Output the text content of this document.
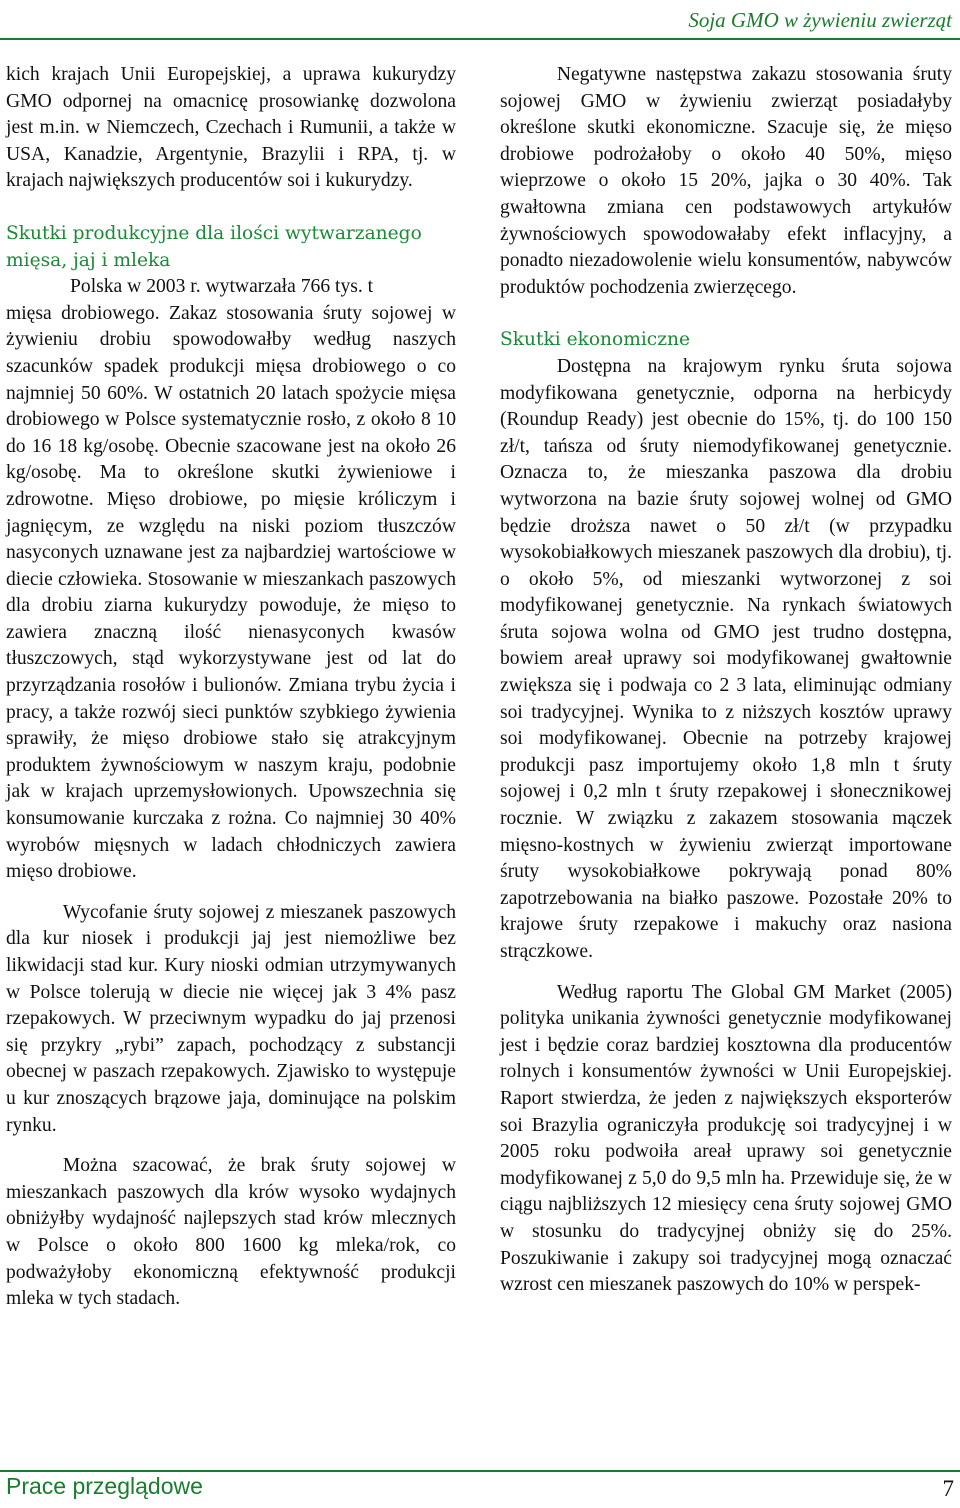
Soja GMO w żywieniu zwierząt

kich krajach Unii Europejskiej, a uprawa kukurydzy GMO odpornej na omacnicę prosowiankę dozwolona jest m.in. w Niemczech, Czechach i Rumunii, a także w USA, Kanadzie, Argentynie, Brazylii i RPA, tj. w krajach największych producentów soi i kukurydzy.

Skutki produkcyjne dla ilości wytwarzanego mięsa, jaj i mleka

Polska w 2003 r. wytwarzała 766 tys. t

mięsa drobiowego. Zakaz stosowania śruty sojowej w żywieniu drobiu spowodowałby według naszych szacunków spadek produkcji mięsa drobiowego o co najmniej 50 60%. W ostatnich 20 latach spożycie mięsa drobiowego w Polsce systematycznie rosło, z około 8 10 do 16 18 kg/osobę. Obecnie szacowane jest na około 26 kg/osobę. Ma to określone skutki żywieniowe i zdrowotne. Mięso drobiowe, po mięsie króliczym i jagnięcym, ze względu na niski poziom tłuszczów nasyconych uznawane jest za najbardziej wartościowe w diecie człowieka. Stosowanie w mieszankach paszowych dla drobiu ziarna kukurydzy powoduje, że mięso to zawiera znaczną ilość nienasyconych kwasów tłuszczowych, stąd wykorzystywane jest od lat do przyrządzania rosołów i bulionów. Zmiana trybu życia i pracy, a także rozwój sieci punktów szybkiego żywienia sprawiły, że mięso drobiowe stało się atrakcyjnym produktem żywnościowym w naszym kraju, podobnie jak w krajach uprzemysłowionych. Upowszechnia się konsumowanie kurczaka z rożna. Co najmniej 30 40% wyrobów mięsnych w ladach chłodniczych zawiera mięso drobiowe.

Wycofanie śruty sojowej z mieszanek paszowych dla kur niosek i produkcji jaj jest niemożliwe bez likwidacji stad kur. Kury nioski odmian utrzymywanych w Polsce tolerują w diecie nie więcej jak 3 4% pasz rzepakowych. W przeciwnym wypadku do jaj przenosi się przykry „rybi” zapach, pochodzący z substancji obecnej w paszach rzepakowych. Zjawisko to występuje u kur znoszących brązowe jaja, dominujące na polskim rynku.

Można szacować, że brak śruty sojowej w mieszankach paszowych dla krów wysoko wydajnych obniżyłby wydajność najlepszych stad krów mlecznych w Polsce o około 800 1600 kg mleka/rok, co podważyłoby ekonomiczną efektywność produkcji mleka w tych stadach.

Negatywne następstwa zakazu stosowania śruty sojowej GMO w żywieniu zwierząt posiadałyby określone skutki ekonomiczne. Szacuje się, że mięso drobiowe podrożałoby o około 40 50%, mięso wieprzowe o około 15 20%, jajka o 30 40%. Tak gwałtowna zmiana cen podstawowych artykułów żywnościowych spowodowałaby efekt inflacyjny, a ponadto niezadowolenie wielu konsumentów, nabywców produktów pochodzenia zwierzęcego.

Skutki ekonomiczne

Dostępna na krajowym rynku śruta sojowa modyfikowana genetycznie, odporna na herbicydy (Roundup Ready) jest obecnie do 15%, tj. do 100 150 zł/t, tańsza od śruty niemodyfikowanej genetycznie. Oznacza to, że mieszanka paszowa dla drobiu wytworzona na bazie śruty sojowej wolnej od GMO będzie droższa nawet o 50 zł/t (w przypadku wysokobiałkowych mieszanek paszowych dla drobiu), tj. o około 5%, od mieszanki wytworzonej z soi modyfikowanej genetycznie. Na rynkach światowych śruta sojowa wolna od GMO jest trudno dostępna, bowiem areał uprawy soi modyfikowanej gwałtownie zwiększa się i podwaja co 2 3 lata, eliminując odmiany soi tradycyjnej. Wynika to z niższych kosztów uprawy soi modyfikowanej. Obecnie na potrzeby krajowej produkcji pasz importujemy około 1,8 mln t śruty sojowej i 0,2 mln t śruty rzepakowej i słonecznikowej rocznie. W związku z zakazem stosowania mączek mięsno-kostnych w żywieniu zwierząt importowane śruty wysokobiałkowe pokrywają ponad 80% zapotrzebowania na białko paszowe. Pozostałe 20% to krajowe śruty rzepakowe i makuchy oraz nasiona strączkowe.

Według raportu The Global GM Market (2005) polityka unikania żywności genetycznie modyfikowanej jest i będzie coraz bardziej kosztowna dla producentów rolnych i konsumentów żywności w Unii Europejskiej. Raport stwierdza, że jeden z największych eksporterów soi Brazylia ograniczyła produkcję soi tradycyjnej i w 2005 roku podwoiła areał uprawy soi genetycznie modyfikowanej z 5,0 do 9,5 mln ha. Przewiduje się, że w ciągu najbliższych 12 miesięcy cena śruty sojowej GMO w stosunku do tradycyjnej obniży się do 25%. Poszukiwanie i zakupy soi tradycyjnej mogą oznaczać wzrost cen mieszanek paszowych do 10% w perspek-

Prace przeglądowe	7
